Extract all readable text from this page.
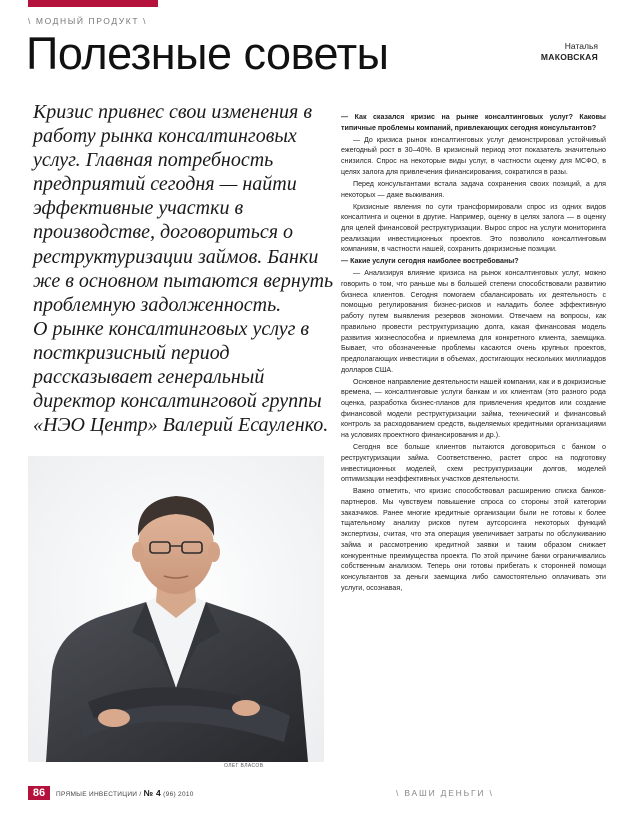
\ МОДНЫЙ ПРОДУКТ \
Полезные советы	Наталья
МАКОВСКАЯ

Кризис привнес свои изменения в работу рынка консалтинговых услуг. Главная потребность предприятий сегодня — найти эффективные участки в производстве, договориться о реструктуризации займов. Банки же в основном пытаются вернуть проблемную задолженность.

О рынке консалтинговых услуг в посткризисный период рассказывает генеральный директор консалтинговой группы «НЭО Центр» Валерий Есауленко.

ОЛЕГ ВЛАСОВ

— Как сказался кризис на рынке консалтинговых услуг? Каковы типичные проблемы компаний, привлекающих сегодня консультантов?

— До кризиса рынок консалтинговых услуг демонстрировал устойчивый ежегодный рост в 30–40%. В кризисный период этот показатель значительно снизился. Спрос на некоторые виды услуг, в частности оценку для МСФО, в целях залога для привлечения финансирования, сократился в разы.

Перед консультантами встала задача сохранения своих позиций, а для некоторых — даже выживания.

Кризисные явления по сути трансформировали спрос из одних видов консалтинга и оценки в другие. Например, оценку в целях залога — в оценку для целей финансовой реструктуризации. Вырос спрос на услуги мониторинга реализации инвестиционных проектов. Это позволило консалтинговым компаниям, в частности нашей, сохранить докризисные позиции.

— Какие услуги сегодня наиболее востребованы?

— Анализируя влияние кризиса на рынок консалтинговых услуг, можно говорить о том, что раньше мы в большей степени способствовали развитию бизнеса клиентов. Сегодня помогаем сбалансировать их деятельность с помощью регулирования бизнес-рисков и наладить более эффективную работу путем выявления резервов экономии. Отвечаем на вопросы, как правильно провести реструктуризацию долга, какая финансовая модель развития жизнеспособна и приемлема для конкретного клиента, заемщика. Бывает, что обозначенные проблемы касаются очень крупных проектов, предполагающих инвестиции в объемах, достигающих нескольких миллиардов долларов США.

Основное направление деятельности нашей компании, как и в докризисные времена, — консалтинговые услуги банкам и их клиентам (это разного рода оценка, разработка бизнес-планов для привлечения кредитов или создание финансовой модели реструктуризации займа, технический и финансовый контроль за расходованием средств, выделяемых кредитными организациями на условиях проектного финансирования и др.).

Сегодня все больше клиентов пытаются договориться с банком о реструктуризации займа. Соответственно, растет спрос на подготовку инвестиционных моделей, схем реструктуризации долгов, моделей оптимизации неэффективных участков деятельности.

Важно отметить, что кризис способствовал расширению списка банков-партнеров. Мы чувствуем повышение спроса со стороны этой категории заказчиков. Ранее многие кредитные организации были не готовы к более тщательному анализу рисков путем аутсорсинга некоторых функций экспертизы, считая, что эта операция увеличивает затраты по обслуживанию займа и рассмотрению кредитной заявки и таким образом снижает конкурентные преимущества проекта. По этой причине банки ограничивались собственным анализом. Теперь они готовы прибегать к сторонней помощи консультантов за деньги заемщика либо самостоятельно оплачивать эти услуги, осознавая,

86	ПРЯМЫЕ ИНВЕСТИЦИИ / № 4 (96) 2010	\ ВАШИ ДЕНЬГИ \
